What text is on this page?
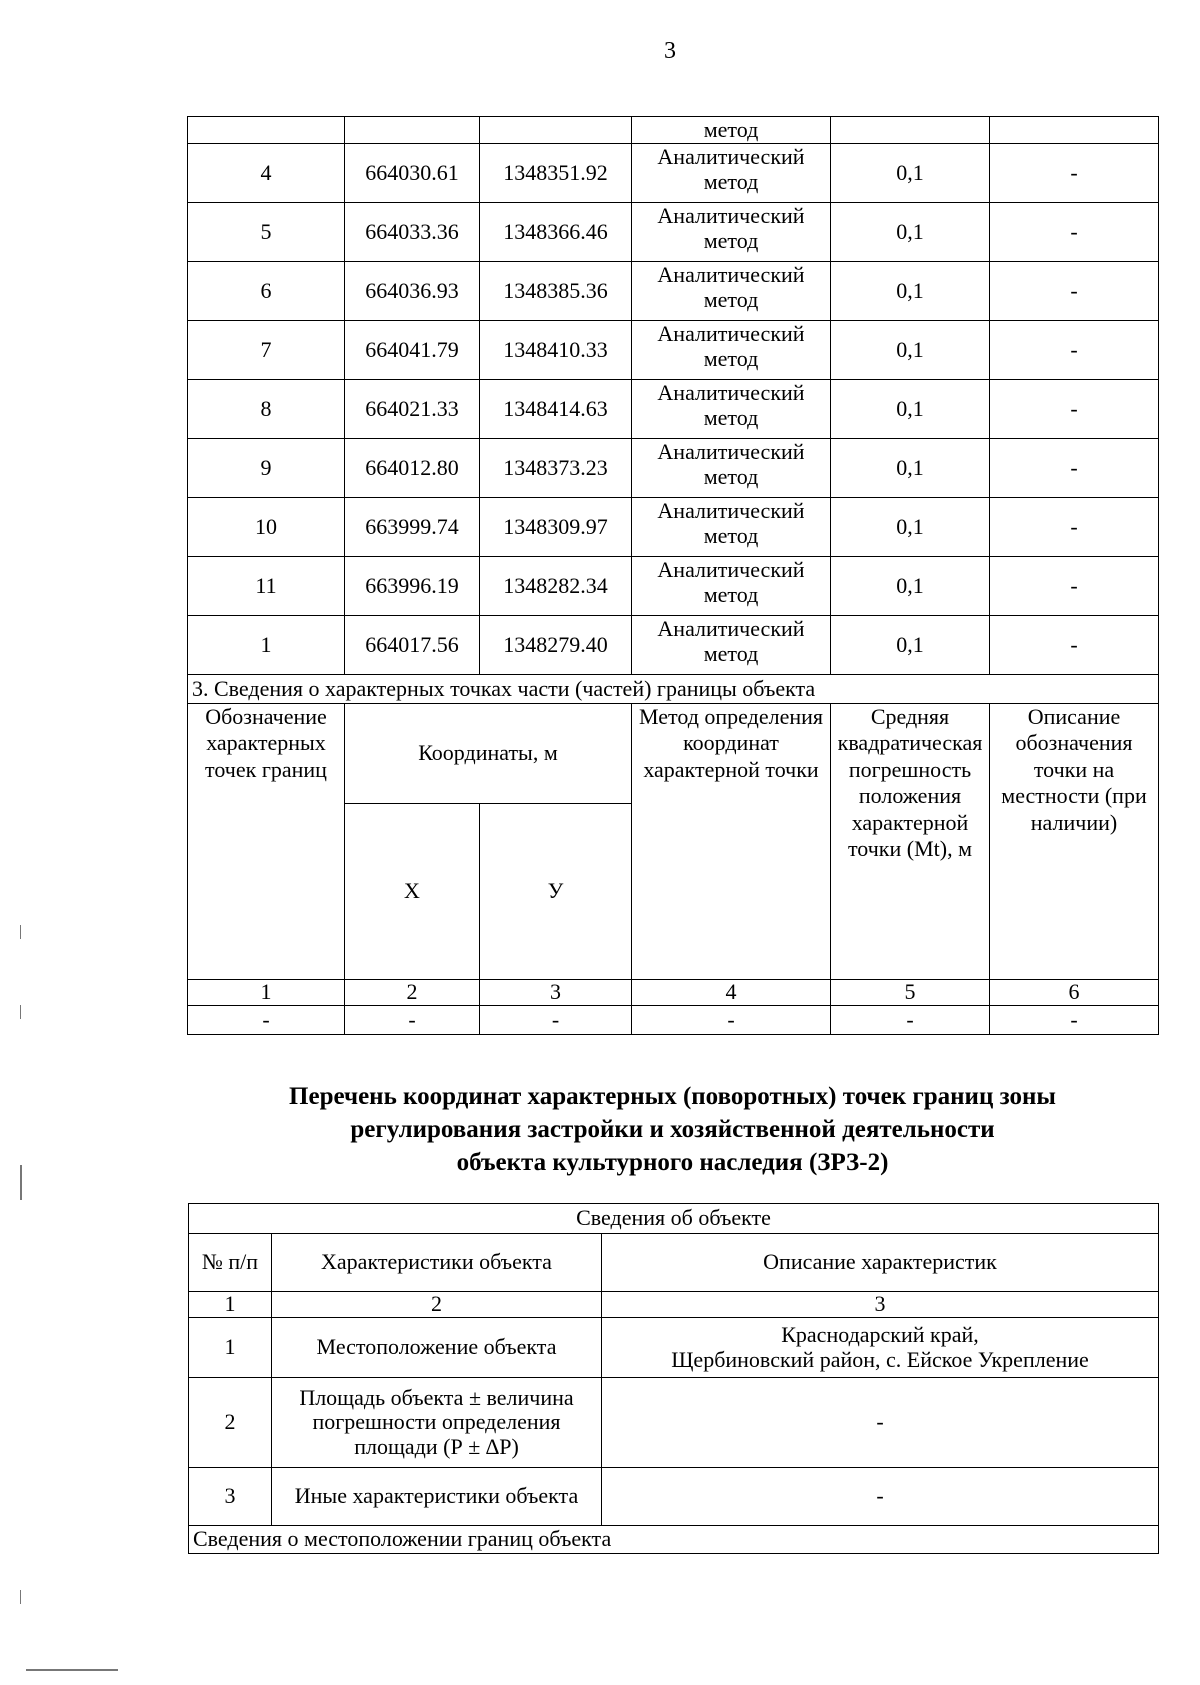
3
			метод		
4	664030.61	1348351.92	Аналитический метод	0,1	-
5	664033.36	1348366.46	Аналитический метод	0,1	-
6	664036.93	1348385.36	Аналитический метод	0,1	-
7	664041.79	1348410.33	Аналитический метод	0,1	-
8	664021.33	1348414.63	Аналитический метод	0,1	-
9	664012.80	1348373.23	Аналитический метод	0,1	-
10	663999.74	1348309.97	Аналитический метод	0,1	-
11	663996.19	1348282.34	Аналитический метод	0,1	-
1	664017.56	1348279.40	Аналитический метод	0,1	-
3. Сведения о характерных точках части (частей) границы объекта					
Обозначение характерных точек границ	Координаты, м		Метод определения координат характерной точки	Средняя квадратическая погрешность положения характерной точки (Mt), м	Описание обозначения точки на местности (при наличии)
	Х	У			
1	2	3	4	5	6
-	-	-	-	-	-
Перечень координат характерных (поворотных) точек границ зоны
регулирования застройки и хозяйственной деятельности
объекта культурного наследия (ЗРЗ-2)
Сведения об объекте		
№ п/п	Характеристики объекта	Описание характеристик
1	2	3
1	Местоположение объекта	Краснодарский край,
Щербиновский район, с. Ейское Укрепление

2	Площадь объекта ± величина погрешности определения площади (Р ± ∆Р)	-
3	Иные характеристики объекта	-
Сведения о местоположении границ объекта		
